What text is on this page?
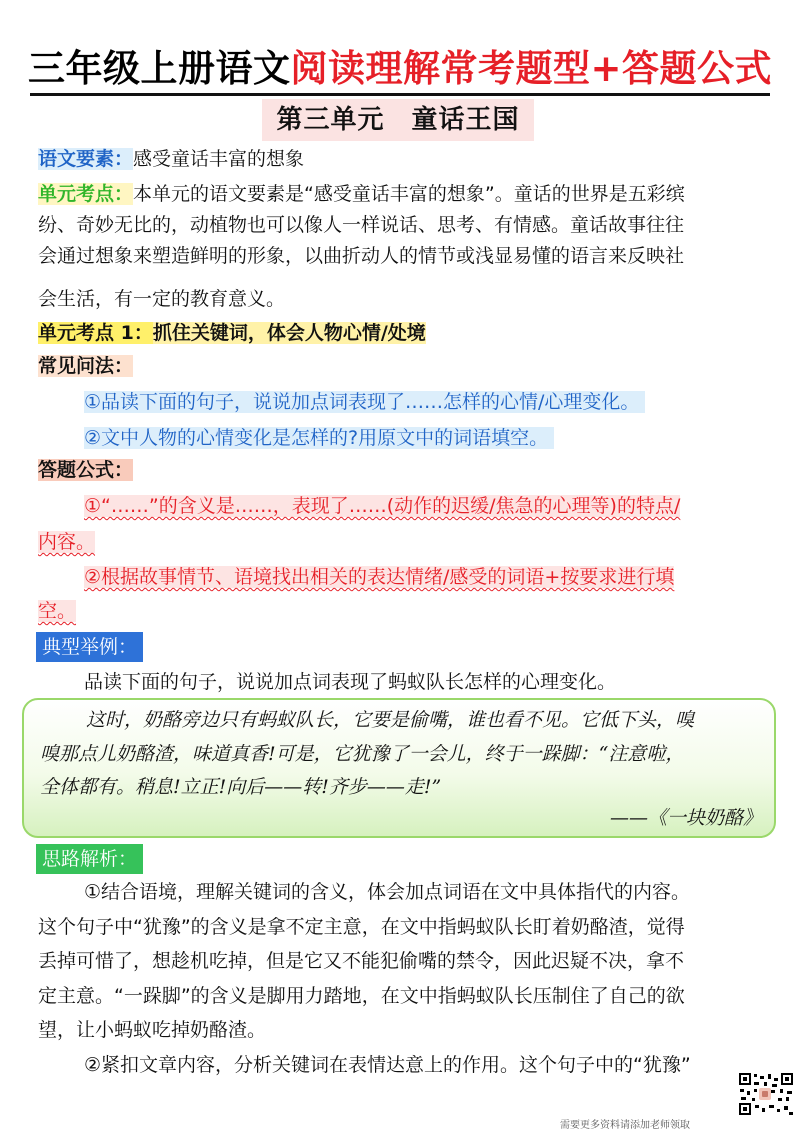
三年级上册语文阅读理解常考题型+答题公式
第三单元　童话王国
语文要素：感受童话丰富的想象
单元考点：本单元的语文要素是“感受童话丰富的想象”。童话的世界是五彩缤
纷、奇妙无比的，动植物也可以像人一样说话、思考、有情感。童话故事往往
会通过想象来塑造鲜明的形象，以曲折动人的情节或浅显易懂的语言来反映社
会生活，有一定的教育意义。
单元考点 1：抓住关键词，体会人物心情/处境
常见问法：
①品读下面的句子，说说加点词表现了……怎样的心情/心理变化。
②文中人物的心情变化是怎样的?用原文中的词语填空。
答题公式：
①“……”的含义是……，表现了……(动作的迟缓/焦急的心理等)的特点/
内容。
②根据故事情节、语境找出相关的表达情绪/感受的词语+按要求进行填
空。
典型举例：
品读下面的句子，说说加点词表现了蚂蚁队长怎样的心理变化。
这时，奶酪旁边只有蚂蚁队长，它要是偷嘴，谁也看不见。它低下头，嗅
嗅那点儿奶酪渣，味道真香!可是，它犹豫了一会儿，终于一跺脚：“注意啦，
全体都有。稍息!立正!向后——转!齐步——走!”
——《一块奶酪》
思路解析：
①结合语境，理解关键词的含义，体会加点词语在文中具体指代的内容。
这个句子中“犹豫”的含义是拿不定主意，在文中指蚂蚁队长盯着奶酪渣，觉得
丢掉可惜了，想趁机吃掉，但是它又不能犯偷嘴的禁令，因此迟疑不决，拿不
定主意。“一跺脚”的含义是脚用力踏地，在文中指蚂蚁队长压制住了自己的欲
望，让小蚂蚁吃掉奶酪渣。
②紧扣文章内容，分析关键词在表情达意上的作用。这个句子中的“犹豫”
需要更多资料请添加老师领取
